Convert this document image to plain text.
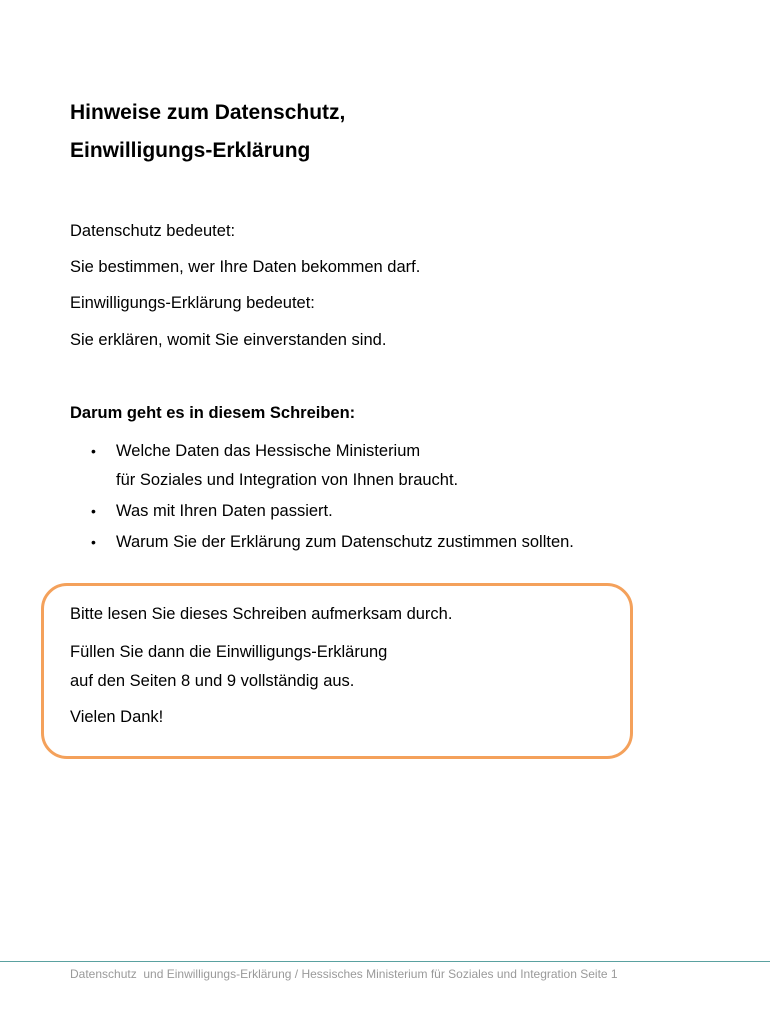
Hinweise zum Datenschutz,
Einwilligungs-Erklärung

Datenschutz bedeutet:

Sie bestimmen, wer Ihre Daten bekommen darf.

Einwilligungs-Erklärung bedeutet:

Sie erklären, womit Sie einverstanden sind.

Darum geht es in diesem Schreiben:

• Welche Daten das Hessische Ministerium

für Soziales und Integration von Ihnen braucht.

• Was mit Ihren Daten passiert.

• Warum Sie der Erklärung zum Datenschutz zustimmen sollten.

Bitte lesen Sie dieses Schreiben aufmerksam durch.

Füllen Sie dann die Einwilligungs-Erklärung

auf den Seiten 8 und 9 vollständig aus.

Vielen Dank!

Datenschutz  und Einwilligungs-Erklärung / Hessisches Ministerium für Soziales und Integration Seite 1
